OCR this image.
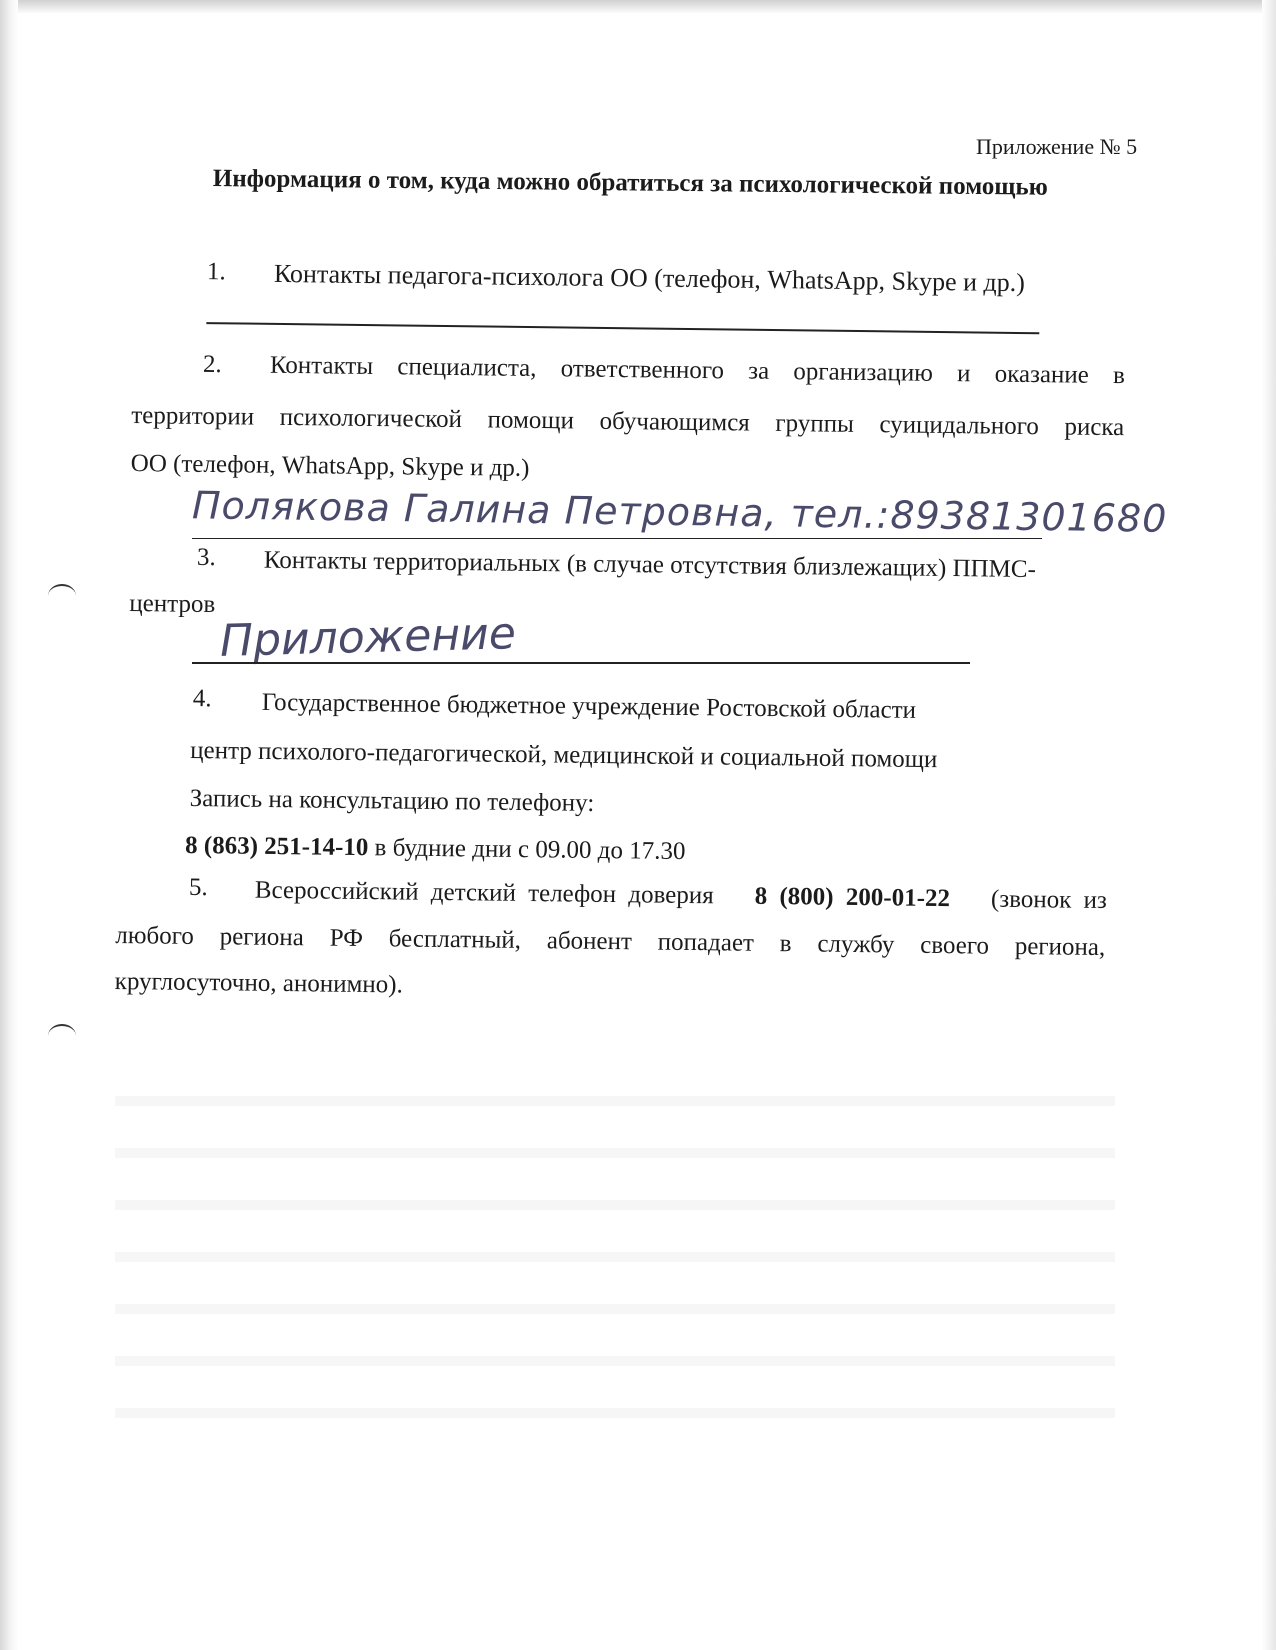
Приложение № 5
Информация о том, куда можно обратиться за психологической помощью
1. Контакты педагога-психолога ОО (телефон, WhatsApp, Skype и др.)
2. Контакты специалиста, ответственного за организацию и оказание в
территории психологической помощи обучающимся группы суицидального риска
ОО (телефон, WhatsApp, Skype и др.)
Полякова Галина Петровна, тел.:89381301680
3. Контакты территориальных (в случае отсутствия близлежащих) ППМС-
центров
Приложение
4. Государственное бюджетное учреждение Ростовской области
центр психолого-педагогической, медицинской и социальной помощи
Запись на консультацию по телефону:
8 (863) 251-14-10 в будние дни с 09.00 до 17.30
5. Всероссийский детский телефон доверия 8 (800) 200-01-22 (звонок из
любого региона РФ бесплатный, абонент попадает в службу своего региона,
круглосуточно, анонимно).
